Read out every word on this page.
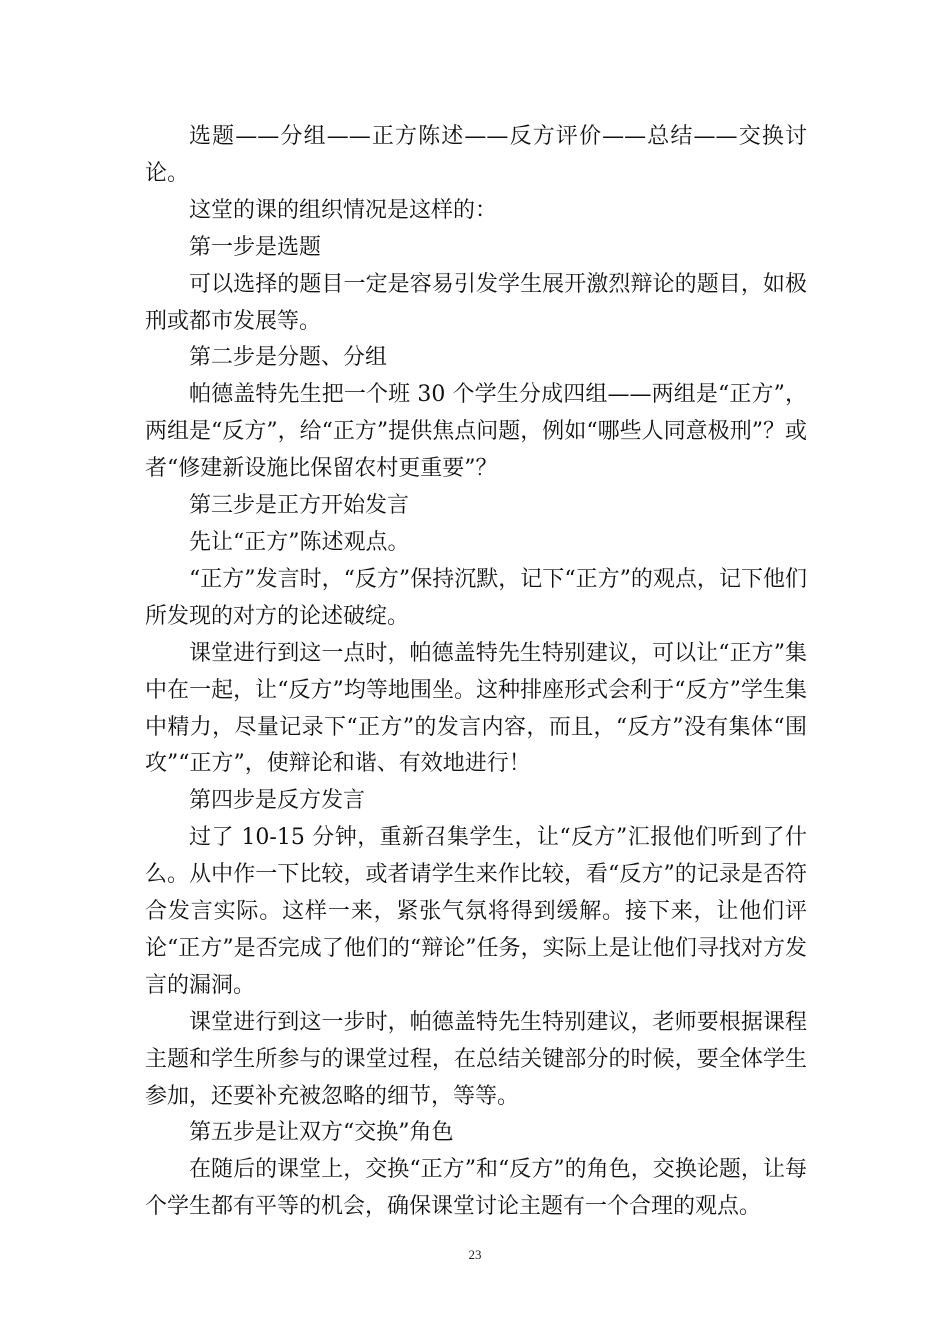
选题——分组——正方陈述——反方评价——总结——交换讨论。

这堂的课的组织情况是这样的：

第一步是选题

可以选择的题目一定是容易引发学生展开激烈辩论的题目，如极刑或都市发展等。

第二步是分题、分组

帕德盖特先生把一个班 30 个学生分成四组——两组是“正方”，两组是“反方”，给“正方”提供焦点问题，例如“哪些人同意极刑”？或者“修建新设施比保留农村更重要”？

第三步是正方开始发言

先让“正方”陈述观点。

“正方”发言时，“反方”保持沉默，记下“正方”的观点，记下他们所发现的对方的论述破绽。

课堂进行到这一点时，帕德盖特先生特别建议，可以让“正方”集中在一起，让“反方”均等地围坐。这种排座形式会利于“反方”学生集中精力，尽量记录下“正方”的发言内容，而且，“反方”没有集体“围攻”“正方”，使辩论和谐、有效地进行！

第四步是反方发言

过了 10-15 分钟，重新召集学生，让“反方”汇报他们听到了什么。从中作一下比较，或者请学生来作比较，看“反方”的记录是否符合发言实际。这样一来，紧张气氛将得到缓解。接下来，让他们评论“正方”是否完成了他们的“辩论”任务，实际上是让他们寻找对方发言的漏洞。

课堂进行到这一步时，帕德盖特先生特别建议，老师要根据课程主题和学生所参与的课堂过程，在总结关键部分的时候，要全体学生参加，还要补充被忽略的细节，等等。

第五步是让双方“交换”角色

在随后的课堂上，交换“正方”和“反方”的角色，交换论题，让每个学生都有平等的机会，确保课堂讨论主题有一个合理的观点。

23
